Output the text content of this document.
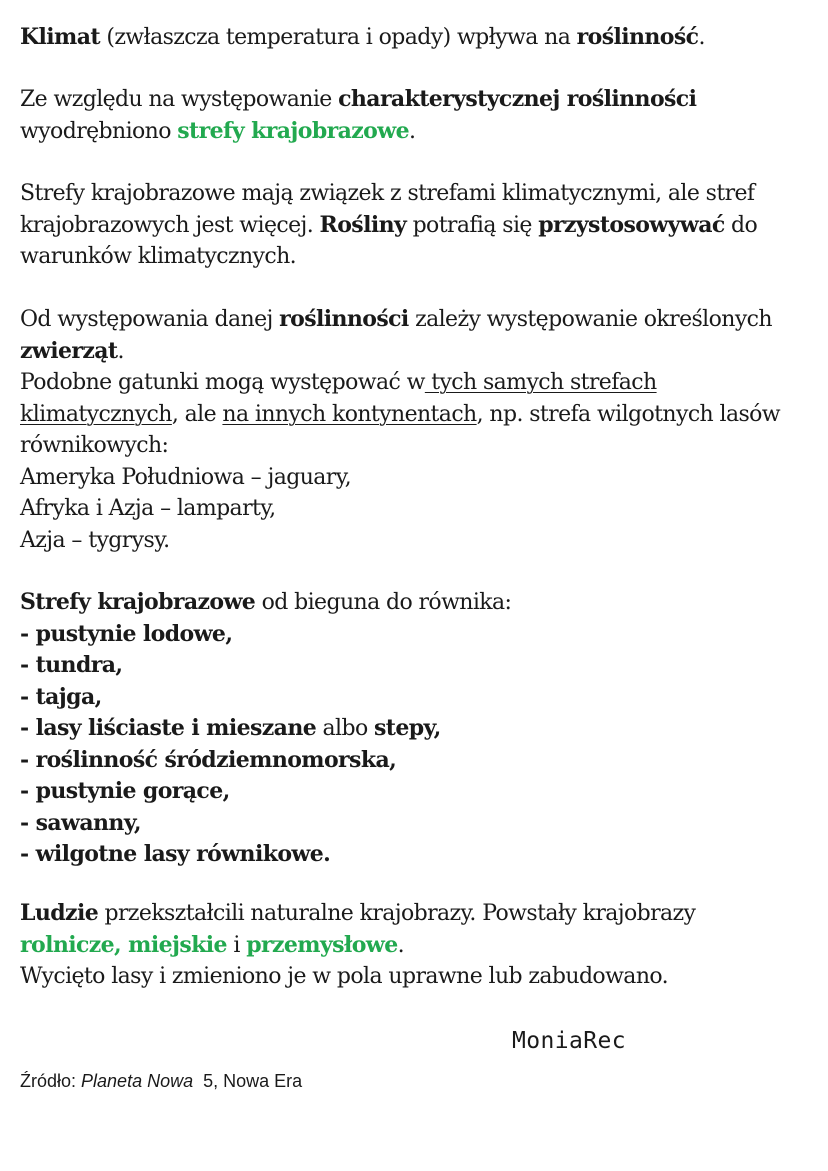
Klimat (zwłaszcza temperatura i opady) wpływa na roślinność.

Ze względu na występowanie charakterystycznej roślinności
wyodrębniono strefy krajobrazowe.

Strefy krajobrazowe mają związek z strefami klimatycznymi, ale stref
krajobrazowych jest więcej. Rośliny potrafią się przystosowywać do
warunków klimatycznych.

Od występowania danej roślinności zależy występowanie określonych
zwierząt.
Podobne gatunki mogą występować w tych samych strefach
klimatycznych, ale na innych kontynentach, np. strefa wilgotnych lasów
równikowych:
Ameryka Południowa – jaguary,
Afryka i Azja – lamparty,
Azja – tygrysy.

Strefy krajobrazowe od bieguna do równika:
- pustynie lodowe,
- tundra,
- tajga,
- lasy liściaste i mieszane albo stepy,
- roślinność śródziemnomorska,
- pustynie gorące,
- sawanny,
- wilgotne lasy równikowe.

Ludzie przekształcili naturalne krajobrazy. Powstały krajobrazy
rolnicze, miejskie i przemysłowe.
Wycięto lasy i zmieniono je w pola uprawne lub zabudowano.

MoniaRec
Źródło: Planeta Nowa  5, Nowa Era
